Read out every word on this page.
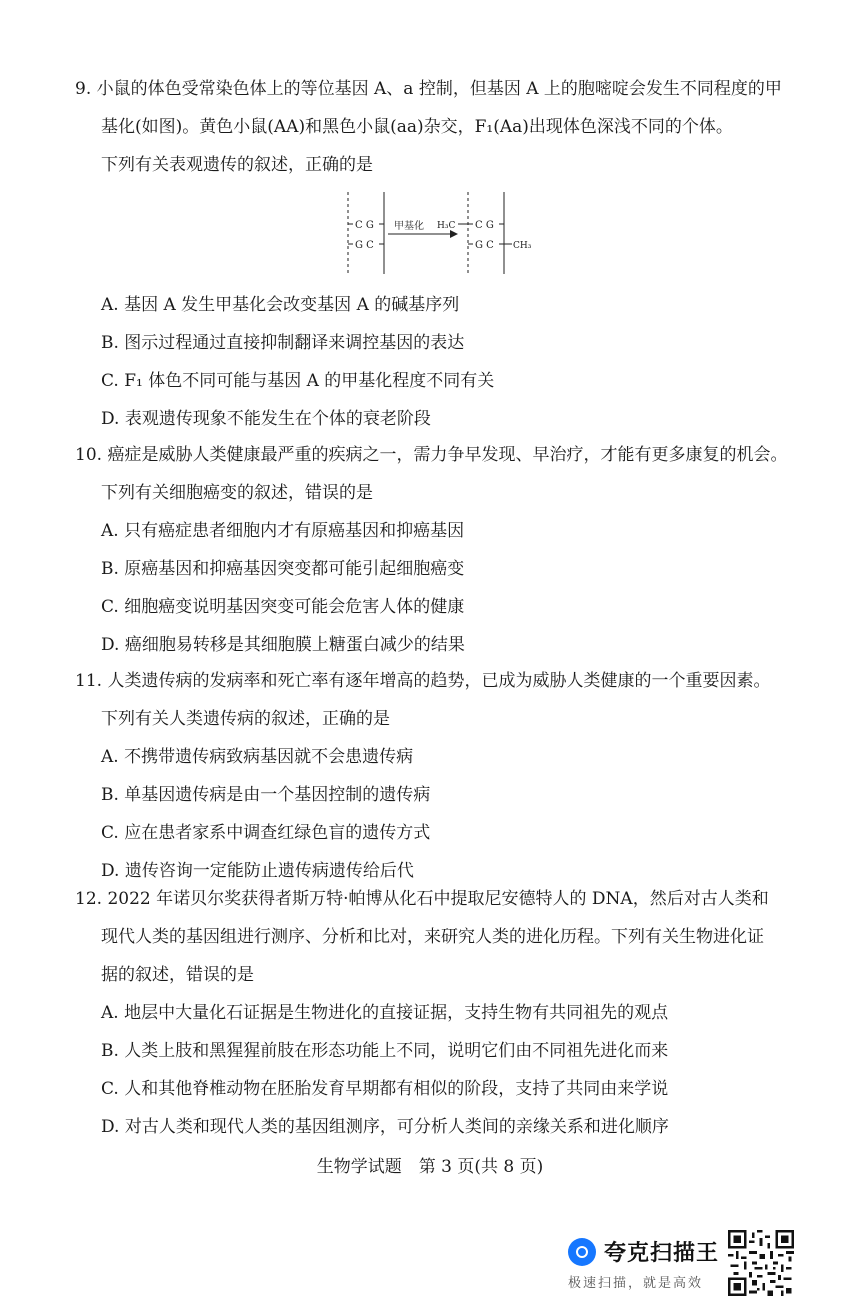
9. 小鼠的体色受常染色体上的等位基因 A、a 控制，但基因 A 上的胞嘧啶会发生不同程度的甲
基化(如图)。黄色小鼠(AA)和黑色小鼠(aa)杂交，F₁(Aa)出现体色深浅不同的个体。
下列有关表观遗传的叙述，正确的是
C G
G C
甲基化 H₃C C G
G C CH₃
A. 基因 A 发生甲基化会改变基因 A 的碱基序列
B. 图示过程通过直接抑制翻译来调控基因的表达
C. F₁ 体色不同可能与基因 A 的甲基化程度不同有关
D. 表观遗传现象不能发生在个体的衰老阶段
10. 癌症是威胁人类健康最严重的疾病之一，需力争早发现、早治疗，才能有更多康复的机会。
下列有关细胞癌变的叙述，错误的是
A. 只有癌症患者细胞内才有原癌基因和抑癌基因
B. 原癌基因和抑癌基因突变都可能引起细胞癌变
C. 细胞癌变说明基因突变可能会危害人体的健康
D. 癌细胞易转移是其细胞膜上糖蛋白减少的结果
11. 人类遗传病的发病率和死亡率有逐年增高的趋势，已成为威胁人类健康的一个重要因素。
下列有关人类遗传病的叙述，正确的是
A. 不携带遗传病致病基因就不会患遗传病
B. 单基因遗传病是由一个基因控制的遗传病
C. 应在患者家系中调查红绿色盲的遗传方式
D. 遗传咨询一定能防止遗传病遗传给后代
12. 2022 年诺贝尔奖获得者斯万特·帕博从化石中提取尼安德特人的 DNA，然后对古人类和
现代人类的基因组进行测序、分析和比对，来研究人类的进化历程。下列有关生物进化证
据的叙述，错误的是
A. 地层中大量化石证据是生物进化的直接证据，支持生物有共同祖先的观点
B. 人类上肢和黑猩猩前肢在形态功能上不同，说明它们由不同祖先进化而来
C. 人和其他脊椎动物在胚胎发育早期都有相似的阶段，支持了共同由来学说
D. 对古人类和现代人类的基因组测序，可分析人类间的亲缘关系和进化顺序
生物学试题　第 3 页(共 8 页)
夸克扫描王
极速扫描，就是高效
